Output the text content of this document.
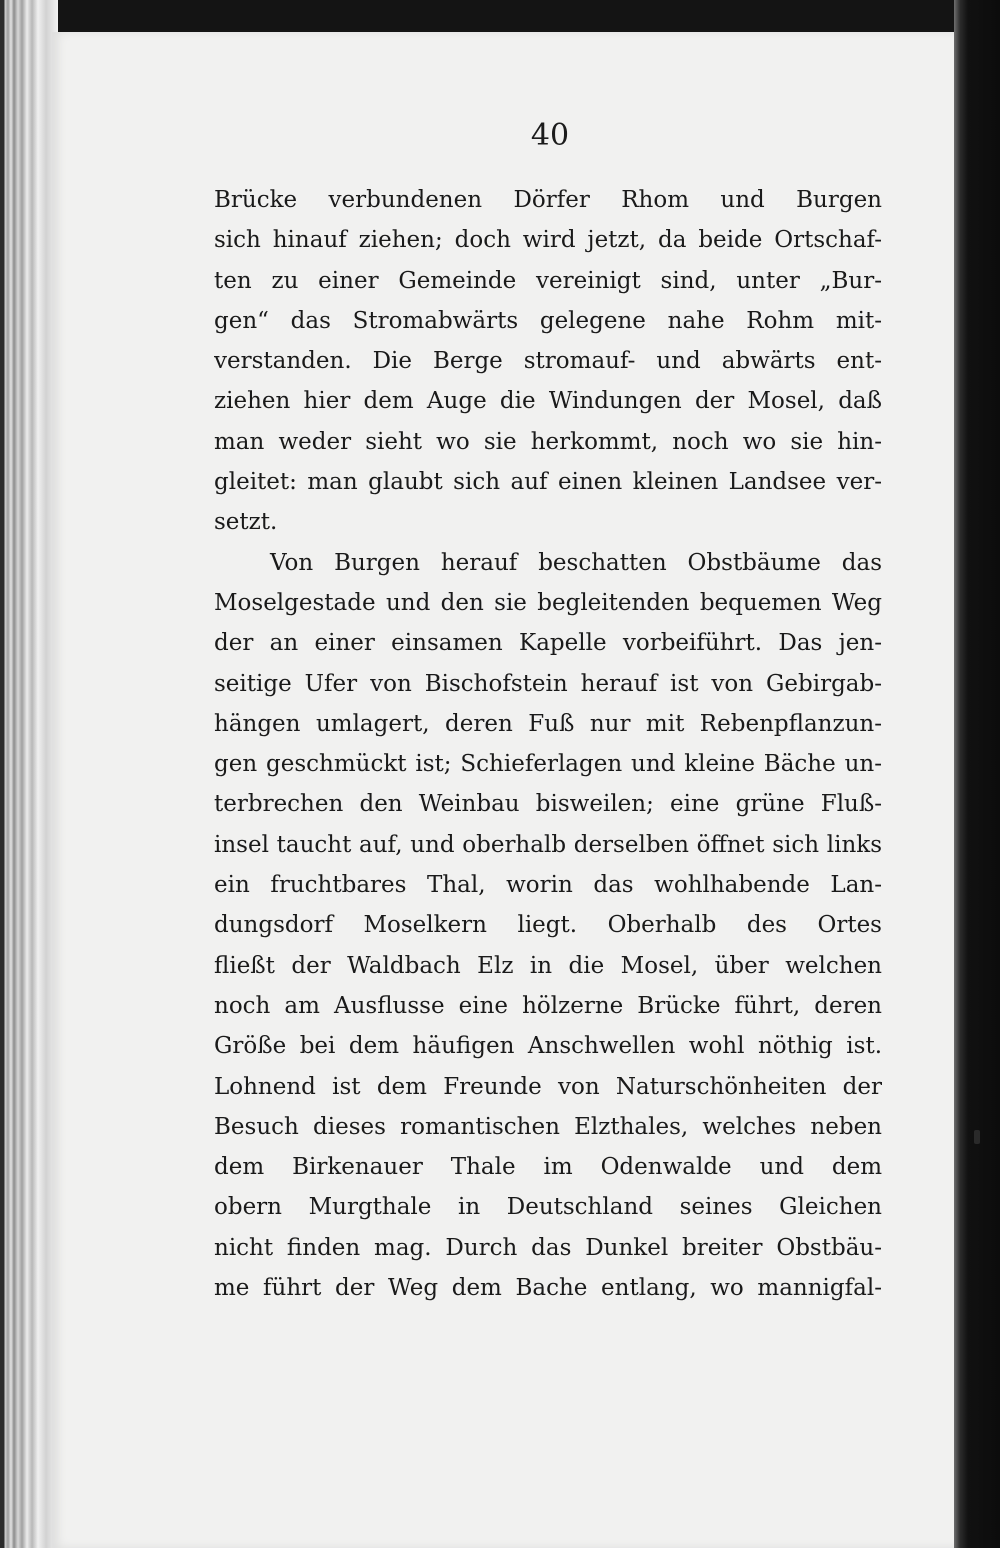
40
Brücke verbundenen Dörfer Rhom und Burgen
sich hinauf ziehen; doch wird jetzt, da beide Ortschaf-
ten zu einer Gemeinde vereinigt sind, unter „Bur-
gen“ das Stromabwärts gelegene nahe Rohm mit-
verstanden. Die Berge stromauf- und abwärts ent-
ziehen hier dem Auge die Windungen der Mosel, daß
man weder sieht wo sie herkommt, noch wo sie hin-
gleitet: man glaubt sich auf einen kleinen Landsee ver-
setzt.
Von Burgen herauf beschatten Obstbäume das
Moselgestade und den sie begleitenden bequemen Weg
der an einer einsamen Kapelle vorbeiführt. Das jen-
seitige Ufer von Bischofstein herauf ist von Gebirgab-
hängen umlagert, deren Fuß nur mit Rebenpflanzun-
gen geschmückt ist; Schieferlagen und kleine Bäche un-
terbrechen den Weinbau bisweilen; eine grüne Fluß-
insel taucht auf, und oberhalb derselben öffnet sich links
ein fruchtbares Thal, worin das wohlhabende Lan-
dungsdorf Moselkern liegt. Oberhalb des Ortes
fließt der Waldbach Elz in die Mosel, über welchen
noch am Ausflusse eine hölzerne Brücke führt, deren
Größe bei dem häufigen Anschwellen wohl nöthig ist.
Lohnend ist dem Freunde von Naturschönheiten der
Besuch dieses romantischen Elzthales, welches neben
dem Birkenauer Thale im Odenwalde und dem
obern Murgthale in Deutschland seines Gleichen
nicht finden mag. Durch das Dunkel breiter Obstbäu-
me führt der Weg dem Bache entlang, wo mannigfal-
